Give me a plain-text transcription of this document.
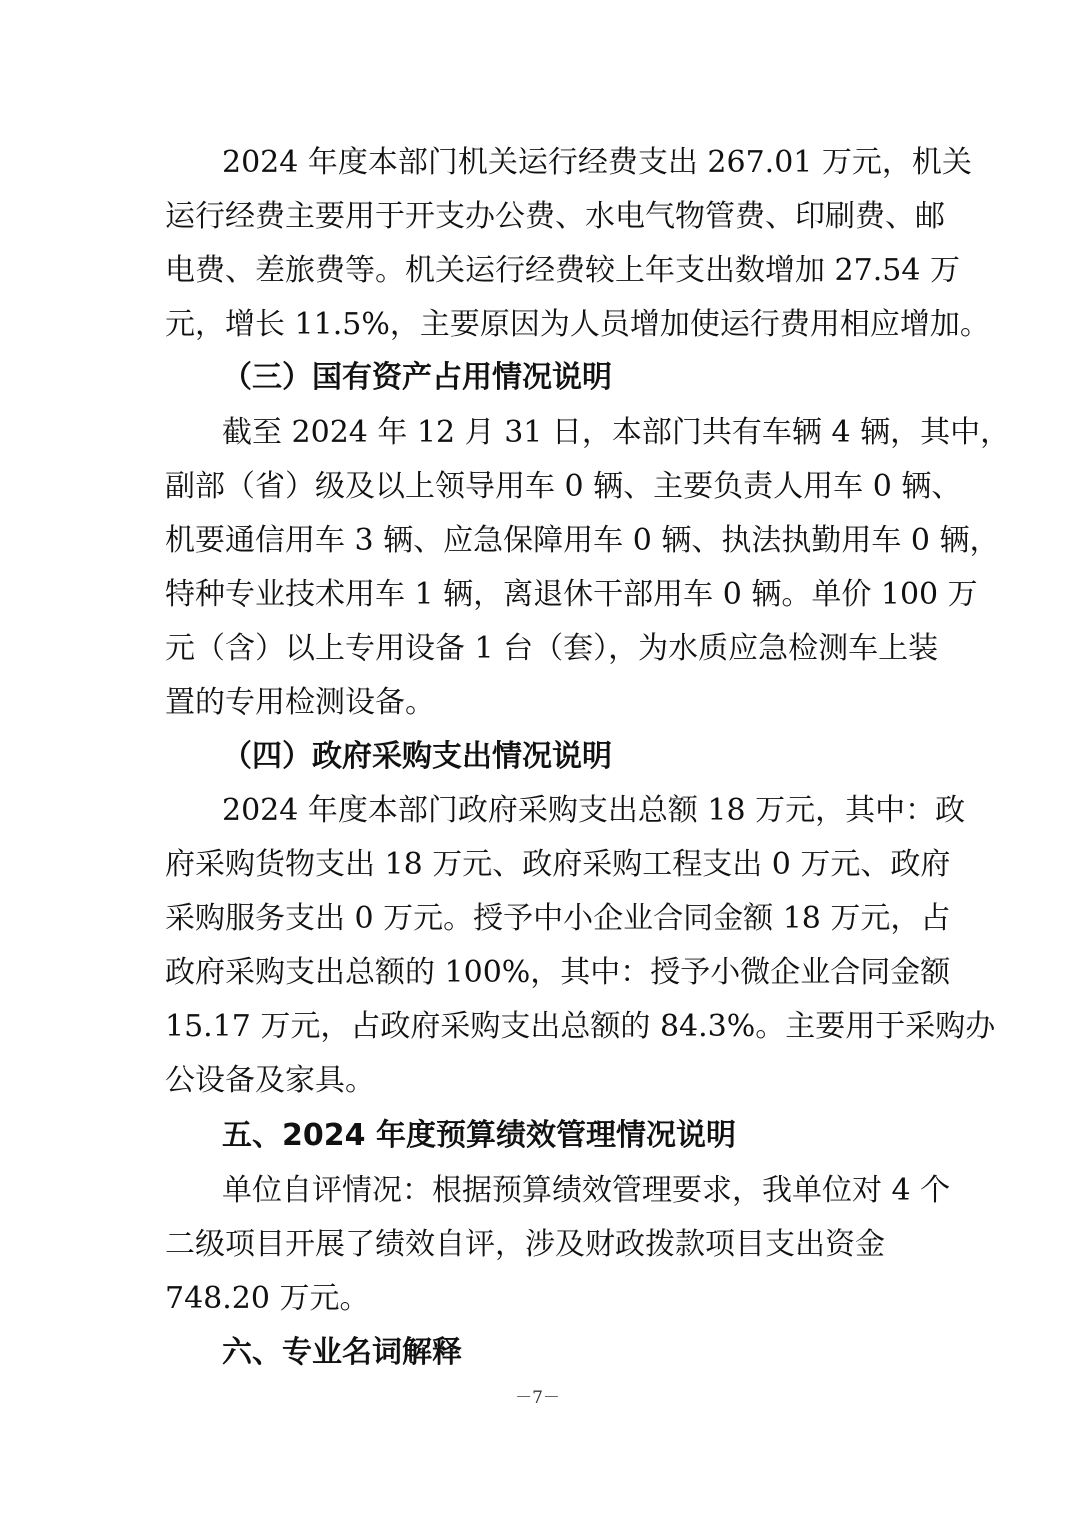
2024 年度本部门机关运行经费支出 267.01 万元，机关
运行经费主要用于开支办公费、水电气物管费、印刷费、邮
电费、差旅费等。机关运行经费较上年支出数增加 27.54 万
元，增长 11.5%，主要原因为人员增加使运行费用相应增加。
（三）国有资产占用情况说明
截至 2024 年 12 月 31 日，本部门共有车辆 4 辆，其中，
副部（省）级及以上领导用车 0 辆、主要负责人用车 0 辆、
机要通信用车 3 辆、应急保障用车 0 辆、执法执勤用车 0 辆，
特种专业技术用车 1 辆，离退休干部用车 0 辆。单价 100 万
元（含）以上专用设备 1 台（套），为水质应急检测车上装
置的专用检测设备。
（四）政府采购支出情况说明
2024 年度本部门政府采购支出总额 18 万元，其中：政
府采购货物支出 18 万元、政府采购工程支出 0 万元、政府
采购服务支出 0 万元。授予中小企业合同金额 18 万元，占
政府采购支出总额的 100%，其中：授予小微企业合同金额
15.17 万元，占政府采购支出总额的 84.3%。主要用于采购办
公设备及家具。
五、2024 年度预算绩效管理情况说明
单位自评情况：根据预算绩效管理要求，我单位对 4 个
二级项目开展了绩效自评，涉及财政拨款项目支出资金
748.20 万元。
六、专业名词解释
－7－
